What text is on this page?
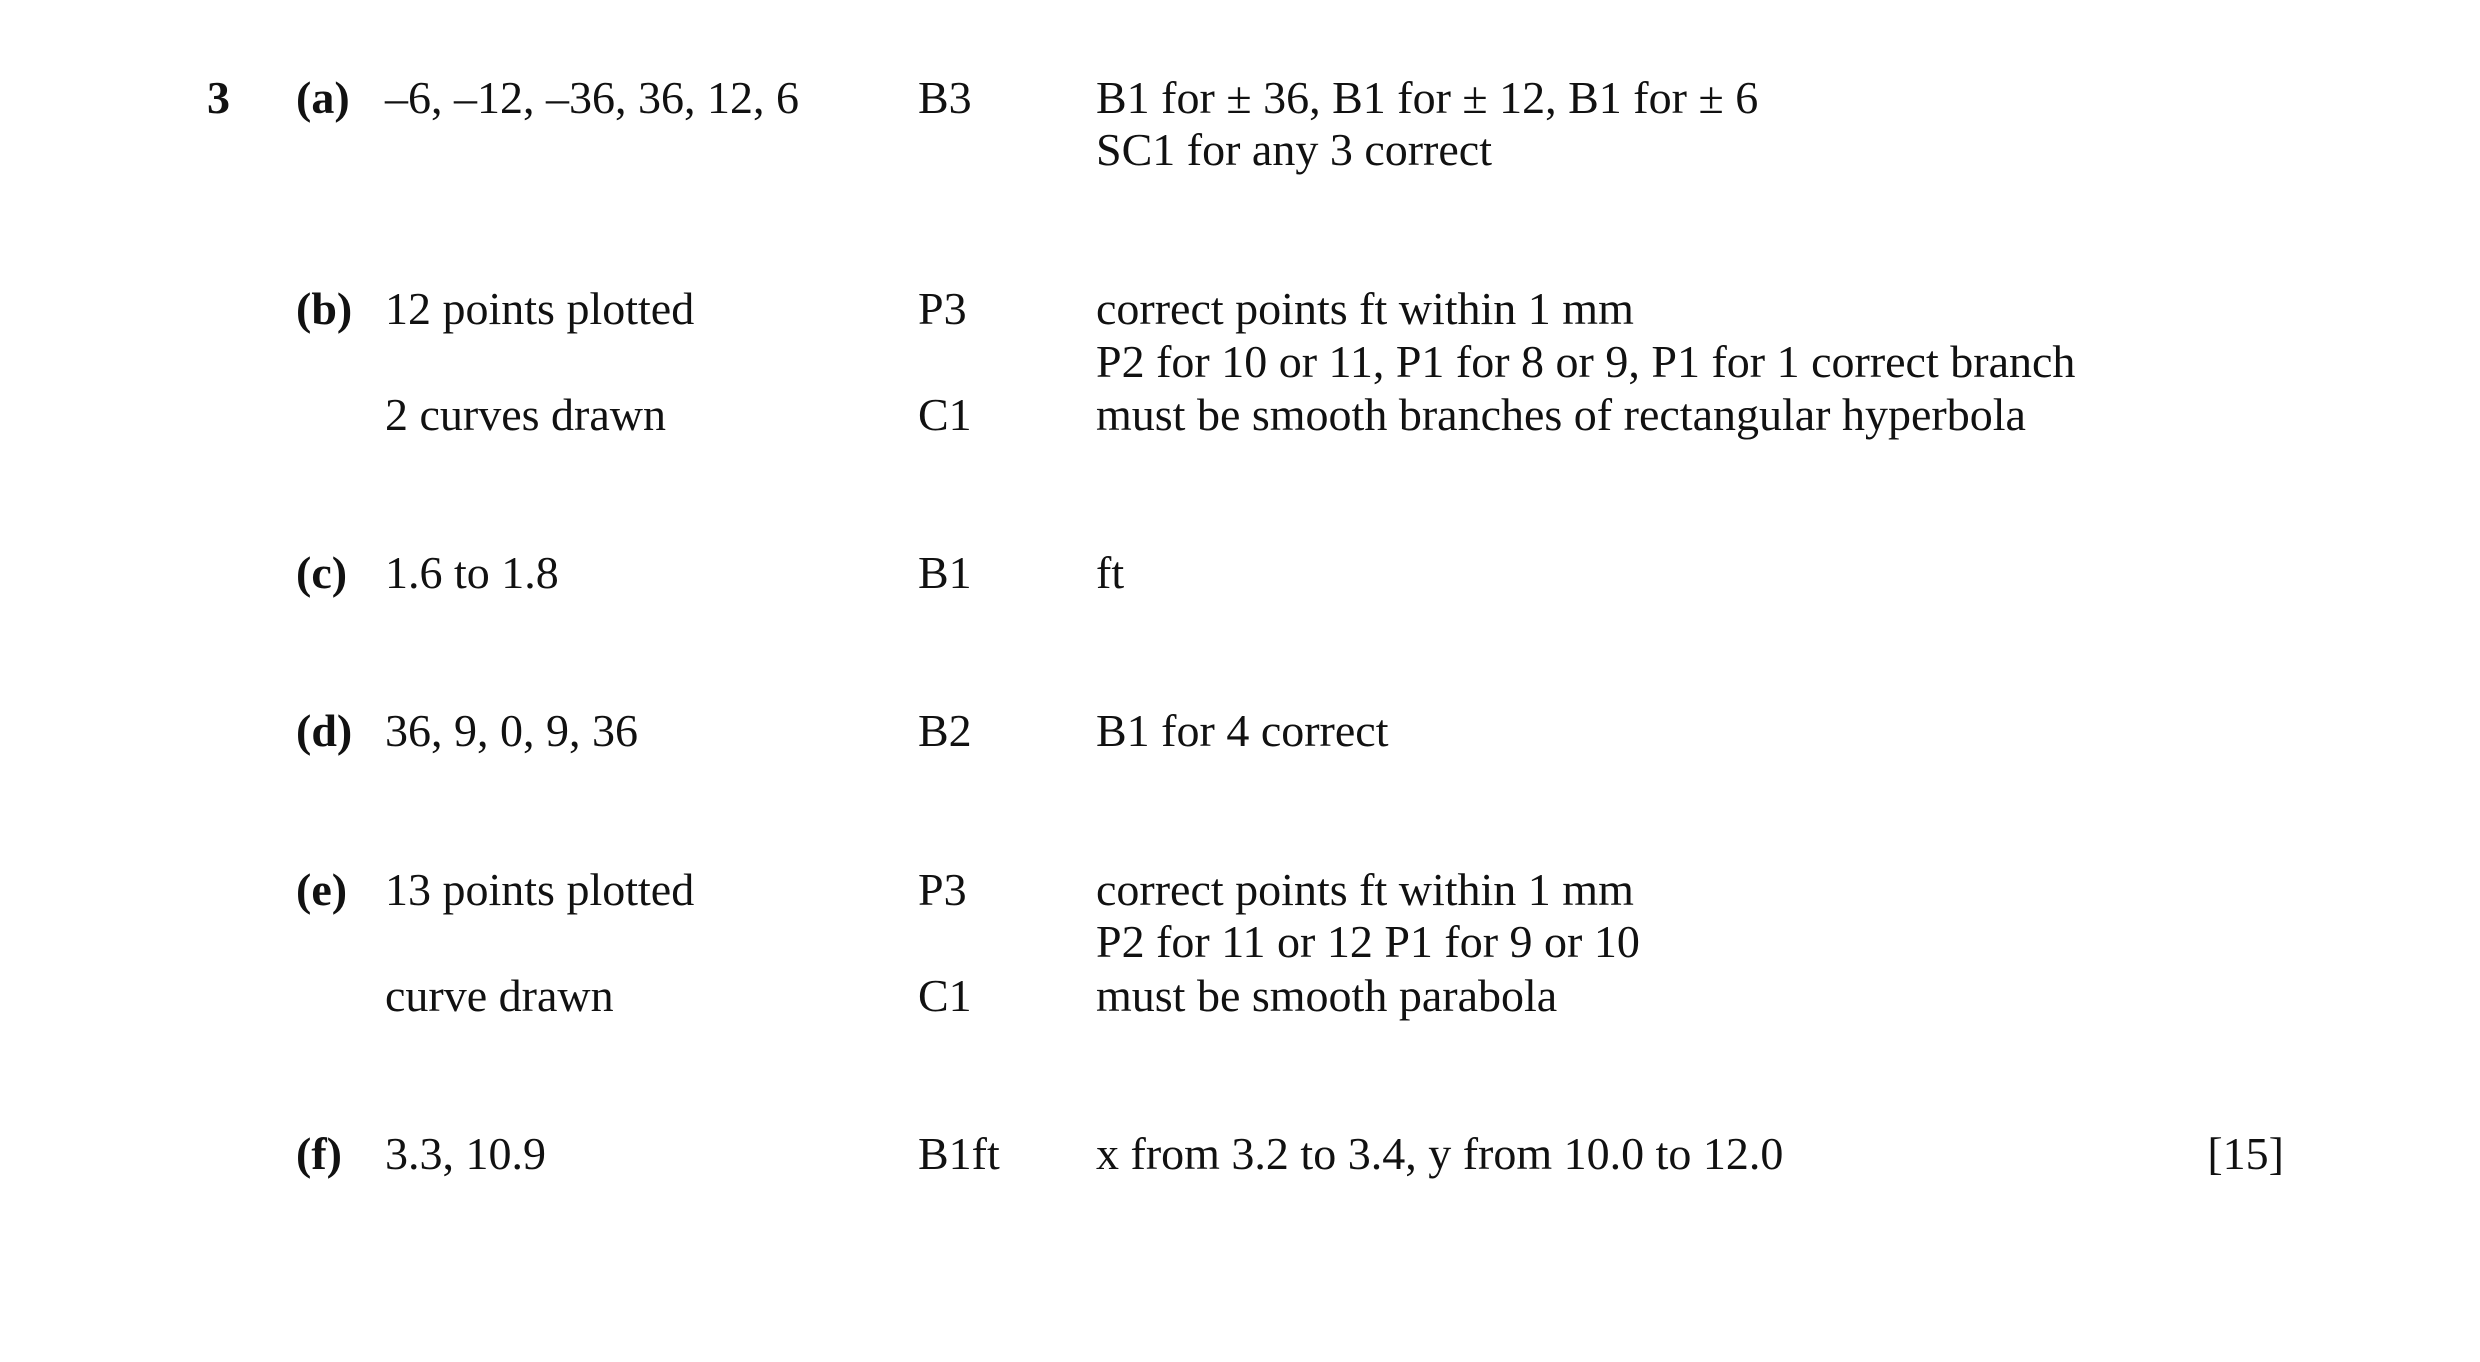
3 (a) –6, –12, –36, 36, 12, 6	B3	B1 for ± 36, B1 for ± 12, B1 for ± 6
SC1 for any 3 correct
(b) 12 points plotted	P3	correct points ft within 1 mm
P2 for 10 or 11, P1 for 8 or 9, P1 for 1 correct branch
2 curves drawn	C1	must be smooth branches of rectangular hyperbola
(c) 1.6 to 1.8	B1	ft
(d) 36, 9, 0, 9, 36	B2	B1 for 4 correct
(e) 13 points plotted	P3	correct points ft within 1 mm
P2 for 11 or 12 P1 for 9 or 10
curve drawn	C1	must be smooth parabola
(f) 3.3, 10.9	B1ft x from 3.2 to 3.4, y from 10.0 to 12.0	[15]
